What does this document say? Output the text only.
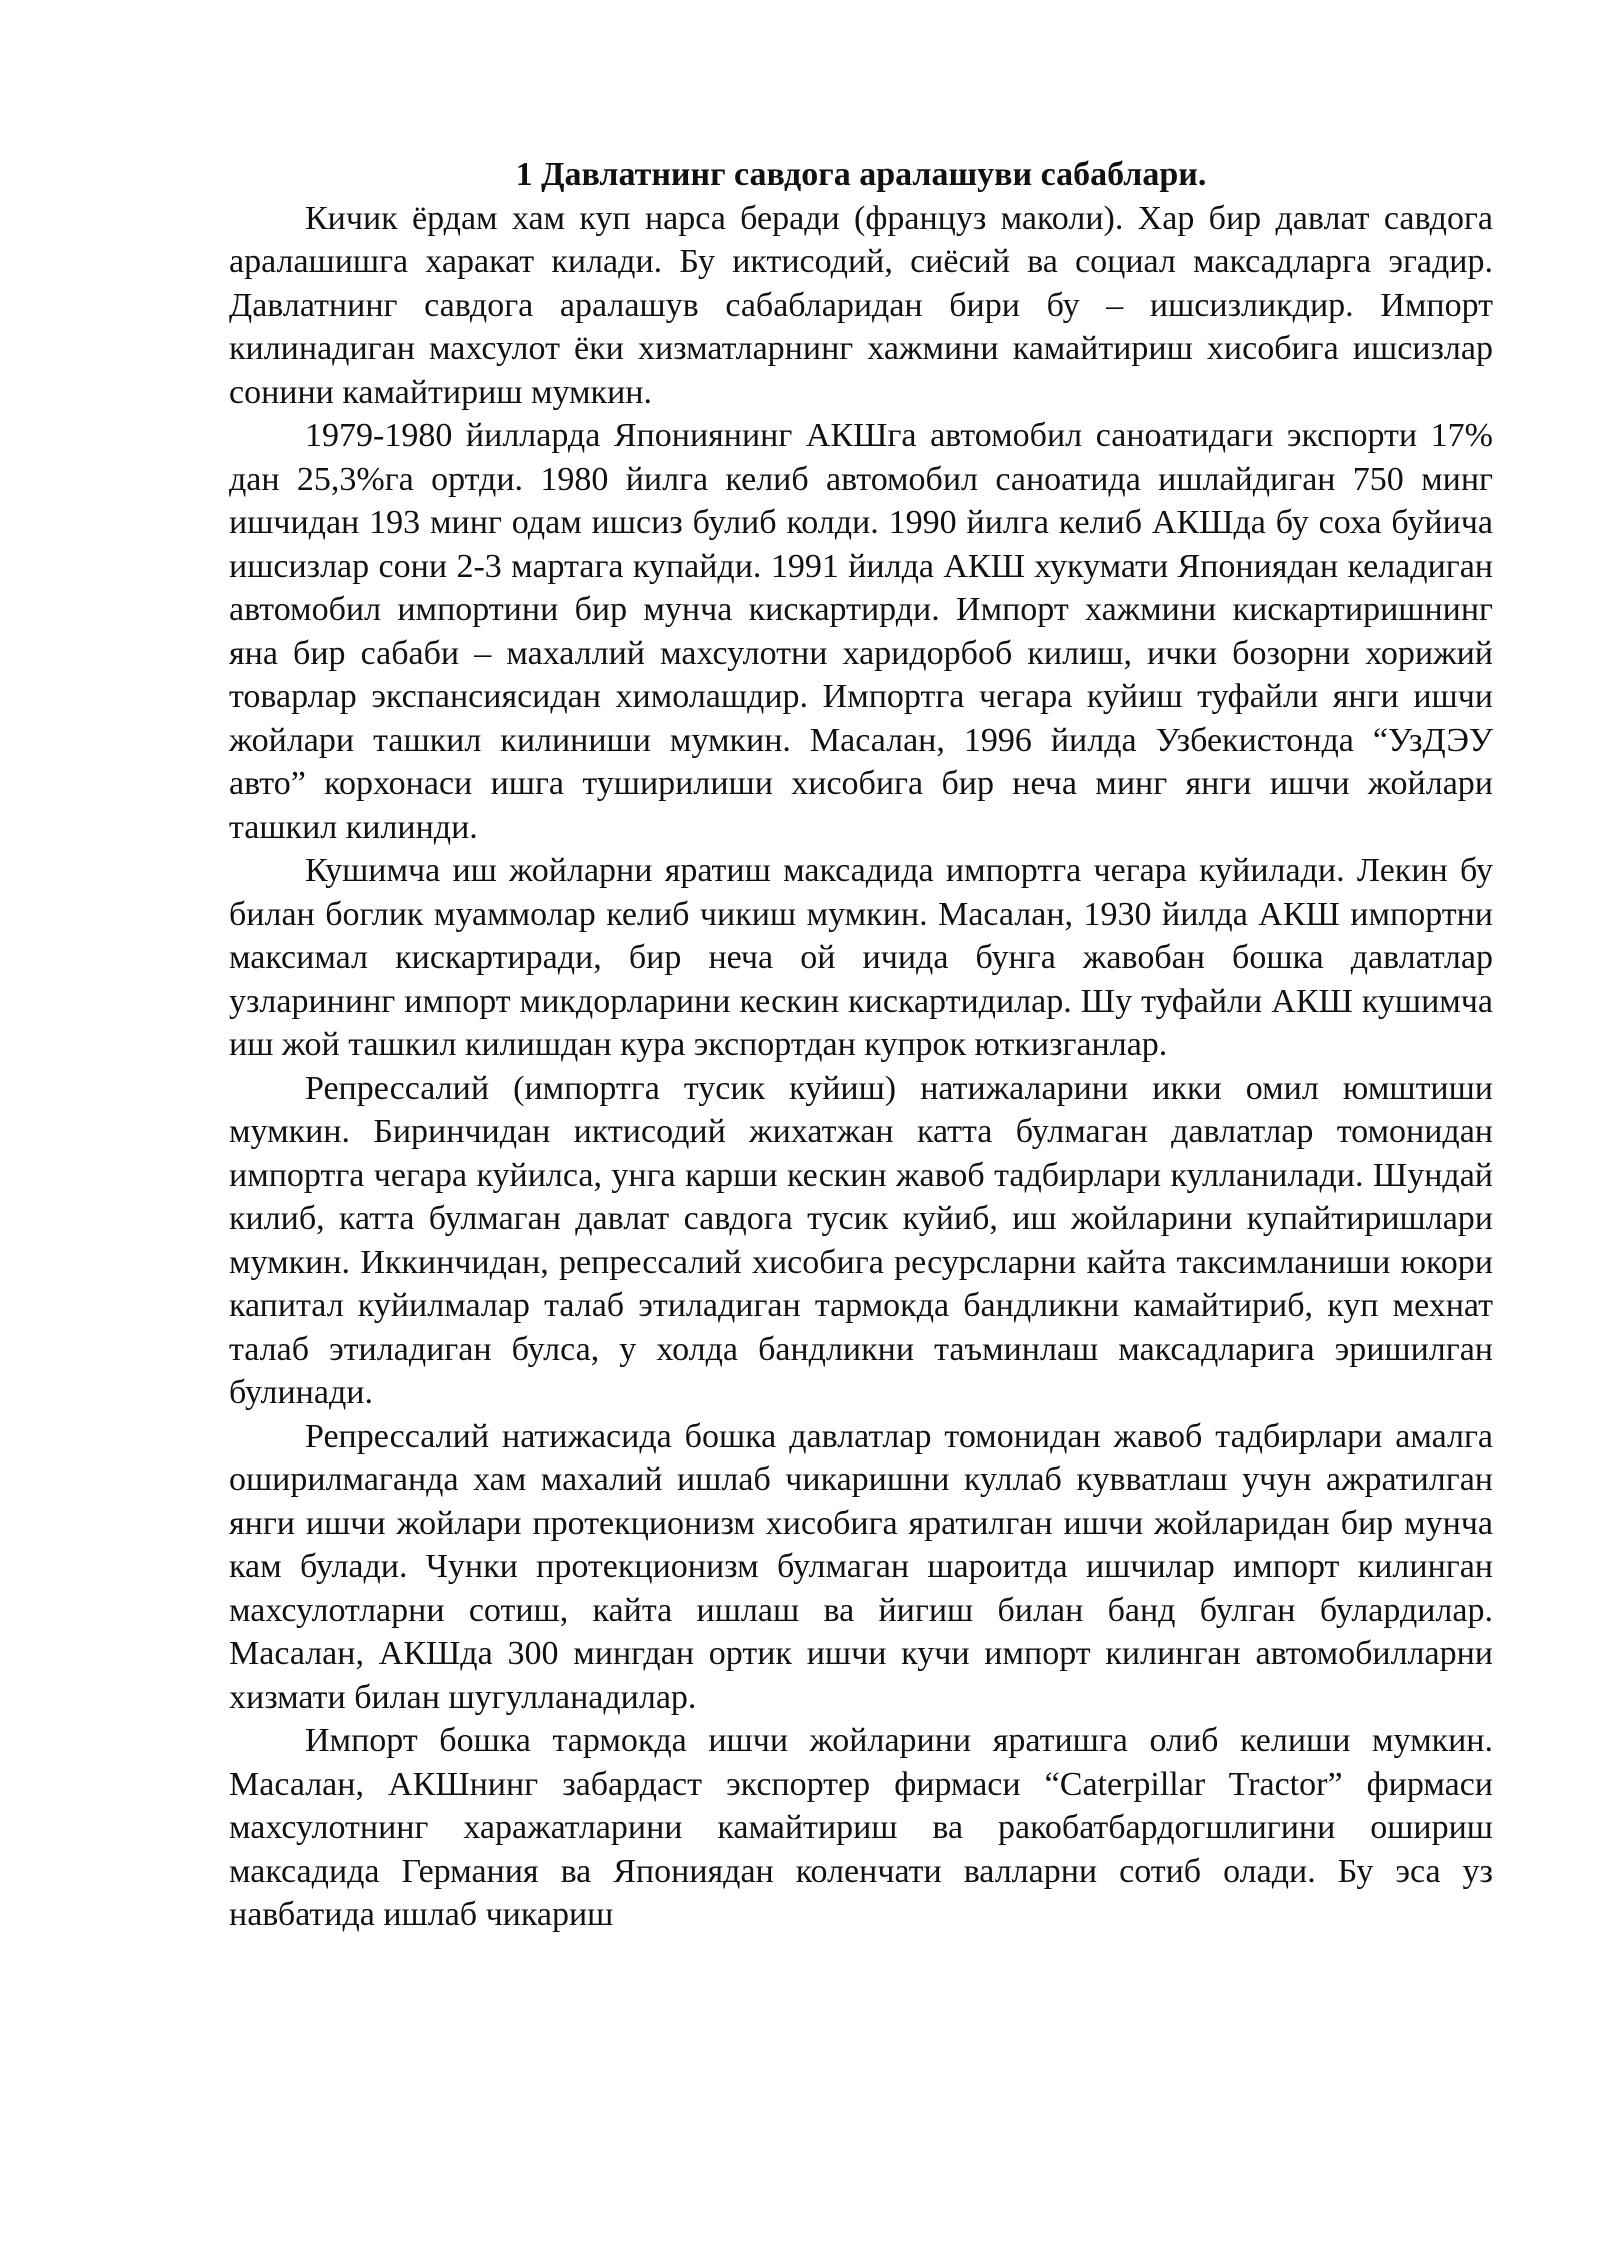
1 Давлатнинг савдога аралашуви сабаблари.

Кичик ёрдам хам куп нарса беради (француз маколи). Хар бир давлат савдога аралашишга харакат килади. Бу иктисодий, сиёсий ва социал максадларга эгадир. Давлатнинг савдога аралашув сабабларидан бири бу – ишсизликдир. Импорт килинадиган махсулот ёки хизматларнинг хажмини камайтириш хисобига ишсизлар сонини камайтириш мумкин.

1979-1980 йилларда Япониянинг АКШга автомобил саноатидаги экспорти 17% дан 25,3%га ортди. 1980 йилга келиб автомобил саноатида ишлайдиган 750 минг ишчидан 193 минг одам ишсиз булиб колди. 1990 йилга келиб АКШда бу соха буйича ишсизлар сони 2-3 мартага купайди. 1991 йилда АКШ хукумати Япониядан келадиган автомобил импортини бир мунча кискартирди. Импорт хажмини кискартиришнинг яна бир сабаби – махаллий махсулотни харидорбоб килиш, ички бозорни хорижий товарлар экспансиясидан химолашдир. Импортга чегара куйиш туфайли янги ишчи жойлари ташкил килиниши мумкин. Масалан, 1996 йилда Узбекистонда “УзДЭУ авто” корхонаси ишга туширилиши хисобига бир неча минг янги ишчи жойлари ташкил килинди.

Кушимча иш жойларни яратиш максадида импортга чегара куйилади. Лекин бу билан боглик муаммолар келиб чикиш мумкин. Масалан, 1930 йилда АКШ импортни максимал кискартиради, бир неча ой ичида бунга жавобан бошка давлатлар узларининг импорт микдорларини кескин кискартидилар. Шу туфайли АКШ кушимча иш жой ташкил килишдан кура экспортдан купрок юткизганлар.

Репрессалий (импортга тусик куйиш) натижаларини икки омил юмштиши мумкин. Биринчидан иктисодий жихатжан катта булмаган давлатлар томонидан импортга чегара куйилса, унга карши кескин жавоб тадбирлари кулланилади. Шундай килиб, катта булмаган давлат савдога тусик куйиб, иш жойларини купайтиришлари мумкин. Иккинчидан, репрессалий хисобига ресурсларни кайта таксимланиши юкори капитал куйилмалар талаб этиладиган тармокда бандликни камайтириб, куп мехнат талаб этиладиган булса, у холда бандликни таъминлаш максадларига эришилган булинади.

Репрессалий натижасида бошка давлатлар томонидан жавоб тадбирлари амалга оширилмаганда хам махалий ишлаб чикаришни куллаб кувватлаш учун ажратилган янги ишчи жойлари протекционизм хисобига яратилган ишчи жойларидан бир мунча кам булади. Чунки протекционизм булмаган шароитда ишчилар импорт килинган махсулотларни сотиш, кайта ишлаш ва йигиш билан банд булган булардилар. Масалан, АКШда 300 мингдан ортик ишчи кучи импорт килинган автомобилларни хизмати билан шугулланадилар.

Импорт бошка тармокда ишчи жойларини яратишга олиб келиши мумкин. Масалан, АКШнинг забардаст экспортер фирмаси “Caterpillar Tractor” фирмаси махсулотнинг харажатларини камайтириш ва ракобатбардогшлигини ошириш максадида Германия ва Япониядан коленчати валларни сотиб олади. Бу эса уз навбатида ишлаб чикариш
